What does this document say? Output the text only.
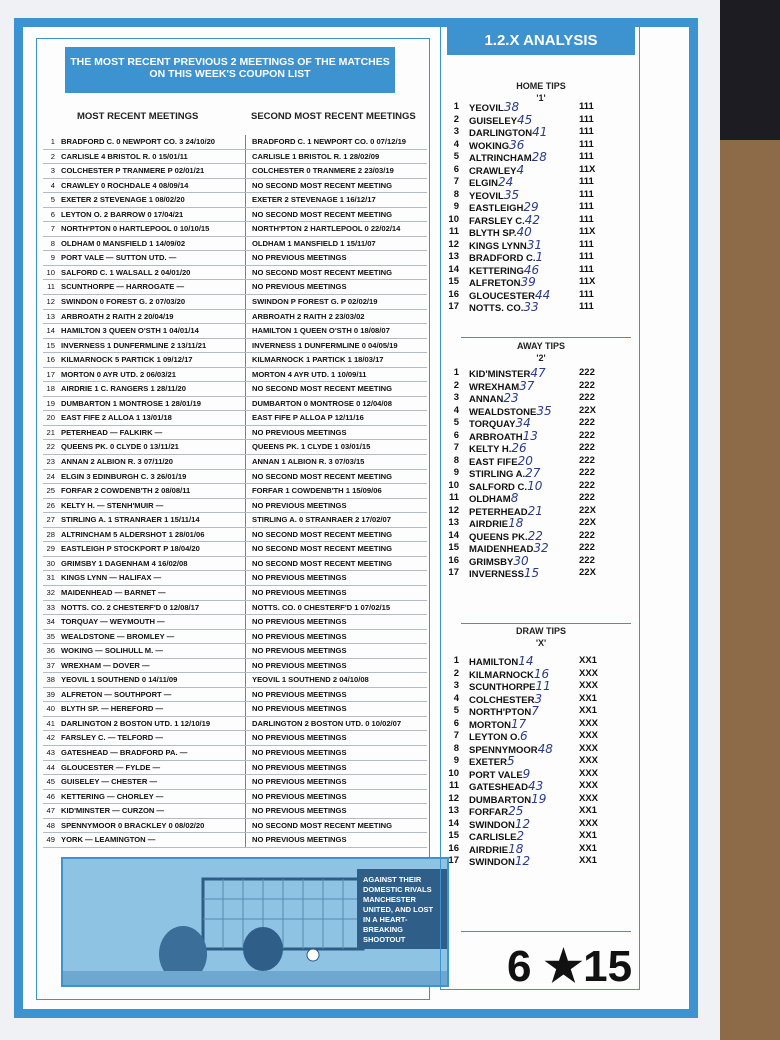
THE MOST RECENT PREVIOUS 2 MEETINGS OF THE MATCHES ON THIS WEEK'S COUPON LIST
MOST RECENT MEETINGS	SECOND MOST RECENT MEETINGS
1 BRADFORD C. 0 NEWPORT CO. 3 24/10/20	BRADFORD C. 1 NEWPORT CO. 0 07/12/19
2 CARLISLE 4 BRISTOL R. 0 15/01/11	CARLISLE 1 BRISTOL R. 1 28/02/09
3 COLCHESTER P TRANMERE P 02/01/21	COLCHESTER 0 TRANMERE 2 23/03/19
4 CRAWLEY 0 ROCHDALE 4 08/09/14	NO SECOND MOST RECENT MEETING
5 EXETER 2 STEVENAGE 1 08/02/20	EXETER 2 STEVENAGE 1 16/12/17
6 LEYTON O. 2 BARROW 0 17/04/21	NO SECOND MOST RECENT MEETING
7 NORTH'PTON 0 HARTLEPOOL 0 10/10/15	NORTH'PTON 2 HARTLEPOOL 0 22/02/14
8 OLDHAM 0 MANSFIELD 1 14/09/02	OLDHAM 1 MANSFIELD 1 15/11/07
9 PORT VALE — SUTTON UTD. —	NO PREVIOUS MEETINGS
10 SALFORD C. 1 WALSALL 2 04/01/20	NO SECOND MOST RECENT MEETING
11 SCUNTHORPE — HARROGATE —	NO PREVIOUS MEETINGS
12 SWINDON 0 FOREST G. 2 07/03/20	SWINDON P FOREST G. P 02/02/19
13 ARBROATH 2 RAITH 2 20/04/19	ARBROATH 2 RAITH 2 23/03/02
14 HAMILTON 3 QUEEN O'STH 1 04/01/14	HAMILTON 1 QUEEN O'STH 0 18/08/07
15 INVERNESS 1 DUNFERMLINE 2 13/11/21	INVERNESS 1 DUNFERMLINE 0 04/05/19
16 KILMARNOCK 5 PARTICK 1 09/12/17	KILMARNOCK 1 PARTICK 1 18/03/17
17 MORTON 0 AYR UTD. 2 06/03/21	MORTON 4 AYR UTD. 1 10/09/11
18 AIRDRIE 1 C. RANGERS 1 28/11/20	NO SECOND MOST RECENT MEETING
19 DUMBARTON 1 MONTROSE 1 28/01/19	DUMBARTON 0 MONTROSE 0 12/04/08
20 EAST FIFE 2 ALLOA 1 13/01/18	EAST FIFE P ALLOA P 12/11/16
21 PETERHEAD — FALKIRK —	NO PREVIOUS MEETINGS
22 QUEENS PK. 0 CLYDE 0 13/11/21	QUEENS PK. 1 CLYDE 1 03/01/15
23 ANNAN 2 ALBION R. 3 07/11/20	ANNAN 1 ALBION R. 3 07/03/15
24 ELGIN 3 EDINBURGH C. 3 26/01/19	NO SECOND MOST RECENT MEETING
25 FORFAR 2 COWDENB'TH 2 08/08/11	FORFAR 1 COWDENB'TH 1 15/09/06
26 KELTY H. — STENH'MUIR —	NO PREVIOUS MEETINGS
27 STIRLING A. 1 STRANRAER 1 15/11/14	STIRLING A. 0 STRANRAER 2 17/02/07
28 ALTRINCHAM 5 ALDERSHOT 1 28/01/06	NO SECOND MOST RECENT MEETING
29 EASTLEIGH P STOCKPORT P 18/04/20	NO SECOND MOST RECENT MEETING
30 GRIMSBY 1 DAGENHAM 4 16/02/08	NO SECOND MOST RECENT MEETING
31 KINGS LYNN — HALIFAX —	NO PREVIOUS MEETINGS
32 MAIDENHEAD — BARNET —	NO PREVIOUS MEETINGS
33 NOTTS. CO. 2 CHESTERF'D 0 12/08/17	NOTTS. CO. 0 CHESTERF'D 1 07/02/15
34 TORQUAY — WEYMOUTH —	NO PREVIOUS MEETINGS
35 WEALDSTONE — BROMLEY —	NO PREVIOUS MEETINGS
36 WOKING — SOLIHULL M. —	NO PREVIOUS MEETINGS
37 WREXHAM — DOVER —	NO PREVIOUS MEETINGS
38 YEOVIL 1 SOUTHEND 0 14/11/09	YEOVIL 1 SOUTHEND 2 04/10/08
39 ALFRETON — SOUTHPORT —	NO PREVIOUS MEETINGS
40 BLYTH SP. — HEREFORD —	NO PREVIOUS MEETINGS
41 DARLINGTON 2 BOSTON UTD. 1 12/10/19	DARLINGTON 2 BOSTON UTD. 0 10/02/07
42 FARSLEY C. — TELFORD —	NO PREVIOUS MEETINGS
43 GATESHEAD — BRADFORD PA. —	NO PREVIOUS MEETINGS
44 GLOUCESTER — FYLDE —	NO PREVIOUS MEETINGS
45 GUISELEY — CHESTER —	NO PREVIOUS MEETINGS
46 KETTERING — CHORLEY —	NO PREVIOUS MEETINGS
47 KID'MINSTER — CURZON —	NO PREVIOUS MEETINGS
48 SPENNYMOOR 0 BRACKLEY 0 08/02/20	NO SECOND MOST RECENT MEETING
49 YORK — LEAMINGTON —	NO PREVIOUS MEETINGS
AGAINST THEIR DOMESTIC RIVALS MANCHESTER UNITED, AND LOST IN A HEART-BREAKING SHOOTOUT
1.2.X ANALYSIS
HOME TIPS
'1'
1	YEOVIL38	111
2	GUISELEY45	111
3	DARLINGTON41	111
4	WOKING36	111
5	ALTRINCHAM28	111
6	CRAWLEY4	11X
7	ELGIN24	111
8	YEOVIL35	111
9	EASTLEIGH29	111
10	FARSLEY C.42	111
11	BLYTH SP.40	11X
12	KINGS LYNN31	111
13	BRADFORD C.1	111
14	KETTERING46	111
15	ALFRETON39	11X
16	GLOUCESTER44	111
17	NOTTS. CO.33	111
AWAY TIPS
'2'
1	KID'MINSTER47	222
2	WREXHAM37	222
3	ANNAN23	222
4	WEALDSTONE35	22X
5	TORQUAY34	222
6	ARBROATH13	222
7	KELTY H.26	222
8	EAST FIFE20	222
9	STIRLING A.27	222
10	SALFORD C.10	222
11	OLDHAM8	222
12	PETERHEAD21	22X
13	AIRDRIE18	22X
14	QUEENS PK.22	222
15	MAIDENHEAD32	222
16	GRIMSBY30	222
17	INVERNESS15	22X
DRAW TIPS
'X'
1	HAMILTON14	XX1
2	KILMARNOCK16	XXX
3	SCUNTHORPE11	XXX
4	COLCHESTER3	XX1
5	NORTH'PTON7	XX1
6	MORTON17	XXX
7	LEYTON O.6	XXX
8	SPENNYMOOR48	XXX
9	EXETER5	XXX
10	PORT VALE9	XXX
11	GATESHEAD43	XXX
12	DUMBARTON19	XXX
13	FORFAR25	XX1
14	SWINDON12	XXX
15	CARLISLE2	XX1
16	AIRDRIE18	XX1
17	SWINDON12	XX1
6 ★15
